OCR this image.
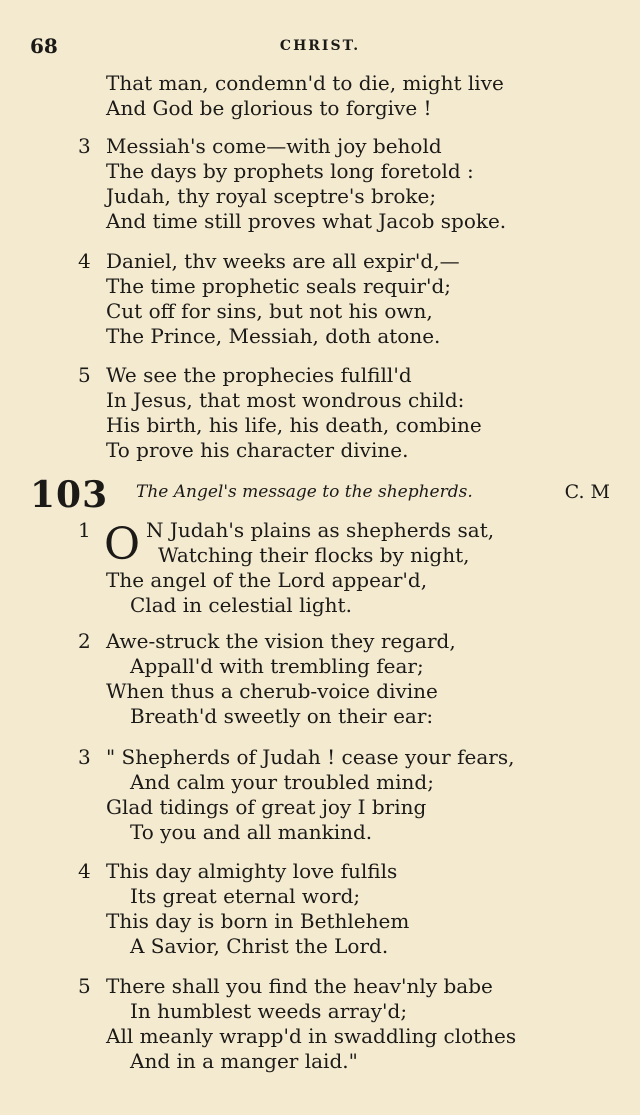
68	CHRIST.
That man, condemn'd to die, might live
And God be glorious to forgive !
3 Messiah's come—with joy behold
The days by prophets long foretold :
Judah, thy royal sceptre's broke;
And time still proves what Jacob spoke.
4 Daniel, thv weeks are all expir'd,—
The time prophetic seals requir'd;
Cut off for sins, but not his own,
The Prince, Messiah, doth atone.
5 We see the prophecies fulfill'd
In Jesus, that most wondrous child:
His birth, his life, his death, combine
To prove his character divine.
103 The Angel's message to the shepherds.	C. M
O
1	N Judah's plains as shepherds sat,
Watching their flocks by night,
The angel of the Lord appear'd,
Clad in celestial light.
2 Awe-struck the vision they regard,
Appall'd with trembling fear;
When thus a cherub-voice divine
Breath'd sweetly on their ear:
3 " Shepherds of Judah ! cease your fears,
And calm your troubled mind;
Glad tidings of great joy I bring
To you and all mankind.
4 This day almighty love fulfils
Its great eternal word;
This day is born in Bethlehem
A Savior, Christ the Lord.
5 There shall you find the heav'nly babe
In humblest weeds array'd;
All meanly wrapp'd in swaddling clothes
And in a manger laid."
